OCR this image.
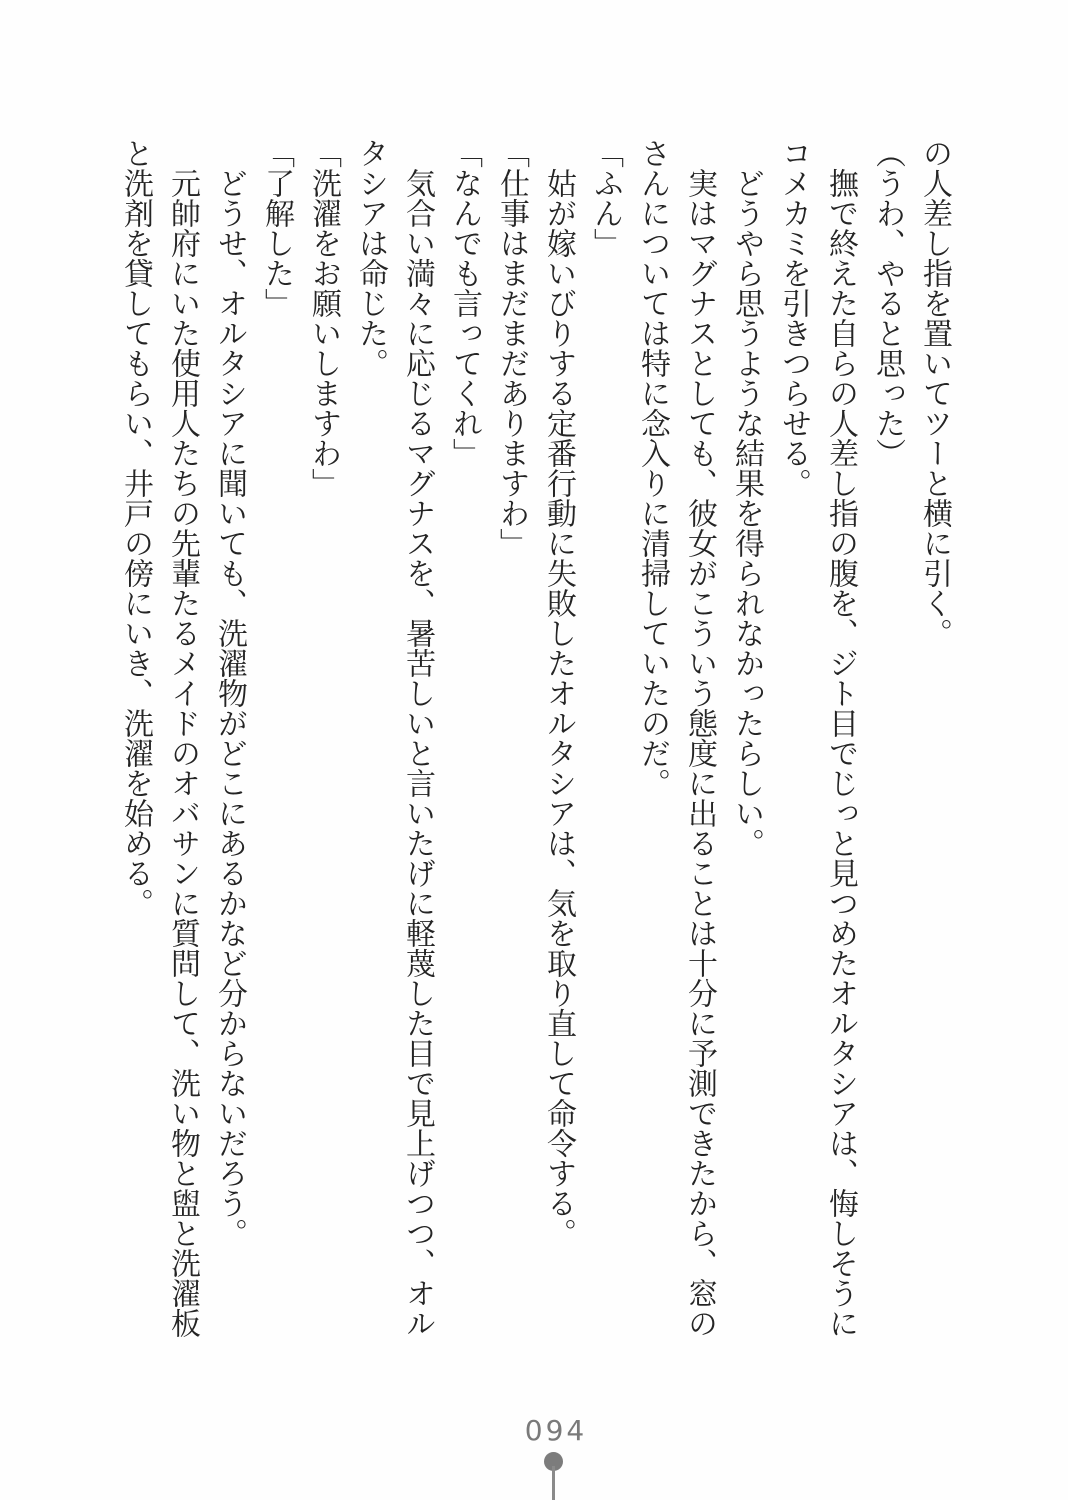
の人差し指を置いてツーと横に引く。

（うわ、やると思った）

　撫で終えた自らの人差し指の腹を、ジト目でじっと見つめたオルタシアは、悔しそうに

コメカミを引きつらせる。

　どうやら思うような結果を得られなかったらしい。

　実はマグナスとしても、彼女がこういう態度に出ることは十分に予測できたから、窓の

さんについては特に念入りに清掃していたのだ。

「ふん」

　姑が嫁いびりする定番行動に失敗したオルタシアは、気を取り直して命令する。

「仕事はまだまだありますわ」

「なんでも言ってくれ」

　気合い満々に応じるマグナスを、暑苦しいと言いたげに軽蔑した目で見上げつつ、オル

タシアは命じた。

「洗濯をお願いしますわ」

「了解した」

　どうせ、オルタシアに聞いても、洗濯物がどこにあるかなど分からないだろう。

　元帥府にいた使用人たちの先輩たるメイドのオバサンに質問して、洗い物と盥と洗濯板

と洗剤を貸してもらい、井戸の傍にいき、洗濯を始める。

094
